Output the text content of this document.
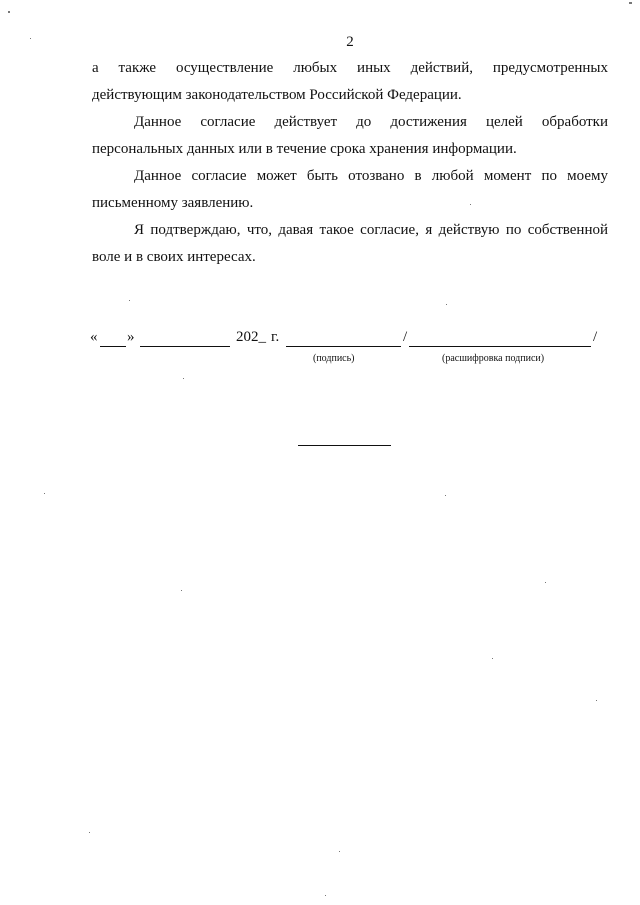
2
а также осуществление любых иных действий, предусмотренных
действующим законодательством Российской Федерации.
Данное согласие действует до достижения целей обработки
персональных данных или в течение срока хранения информации.
Данное согласие может быть отозвано в любой момент по моему
письменному заявлению.
Я подтверждаю, что, давая такое согласие, я действую по собственной
воле и в своих интересах.
« »	202_ г.	/	/
(подпись)	(расшифровка подписи)
